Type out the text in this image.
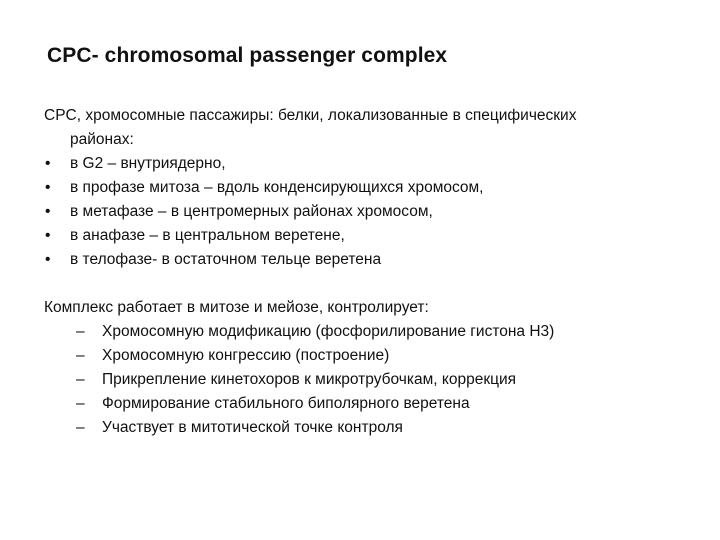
CPC- chromosomal passenger complex
CPC, хромосомные пассажиры: белки, локализованные в специфических
районах:
• в G2 – внутриядерно,
• в профазе митоза – вдоль конденсирующихся хромосом,
• в метафазе – в центромерных районах хромосом,
• в анафазе – в центральном веретене,
• в телофазе- в остаточном тельце веретена
Комплекс работает в митозе и мейозе, контролирует:
– Хромосомную модификацию (фосфорилирование гистона Н3)
– Хромосомную конгрессию (построение)
– Прикрепление кинетохоров к микротрубочкам, коррекция
– Формирование стабильного биполярного веретена
– Участвует в митотической точке контроля
